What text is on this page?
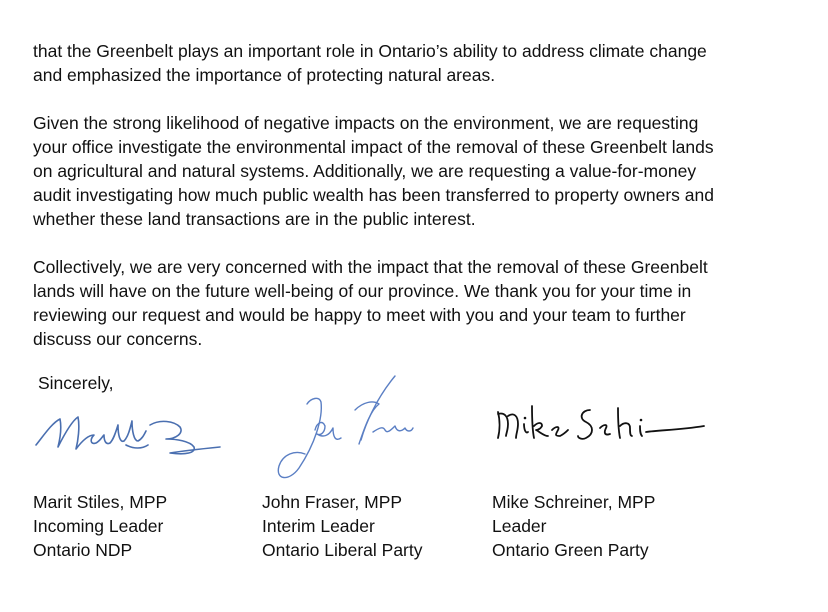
that the Greenbelt plays an important role in Ontario’s ability to address climate change
and emphasized the importance of protecting natural areas.

Given the strong likelihood of negative impacts on the environment, we are requesting
your office investigate the environmental impact of the removal of these Greenbelt lands
on agricultural and natural systems. Additionally, we are requesting a value-for-money
audit investigating how much public wealth has been transferred to property owners and
whether these land transactions are in the public interest.

Collectively, we are very concerned with the impact that the removal of these Greenbelt
lands will have on the future well-being of our province. We thank you for your time in
reviewing our request and would be happy to meet with you and your team to further
discuss our concerns.

Sincerely,

Marit Stiles, MPP
Incoming Leader
Ontario NDP
John Fraser, MPP
Interim Leader
Ontario Liberal Party
Mike Schreiner, MPP
Leader
Ontario Green Party
